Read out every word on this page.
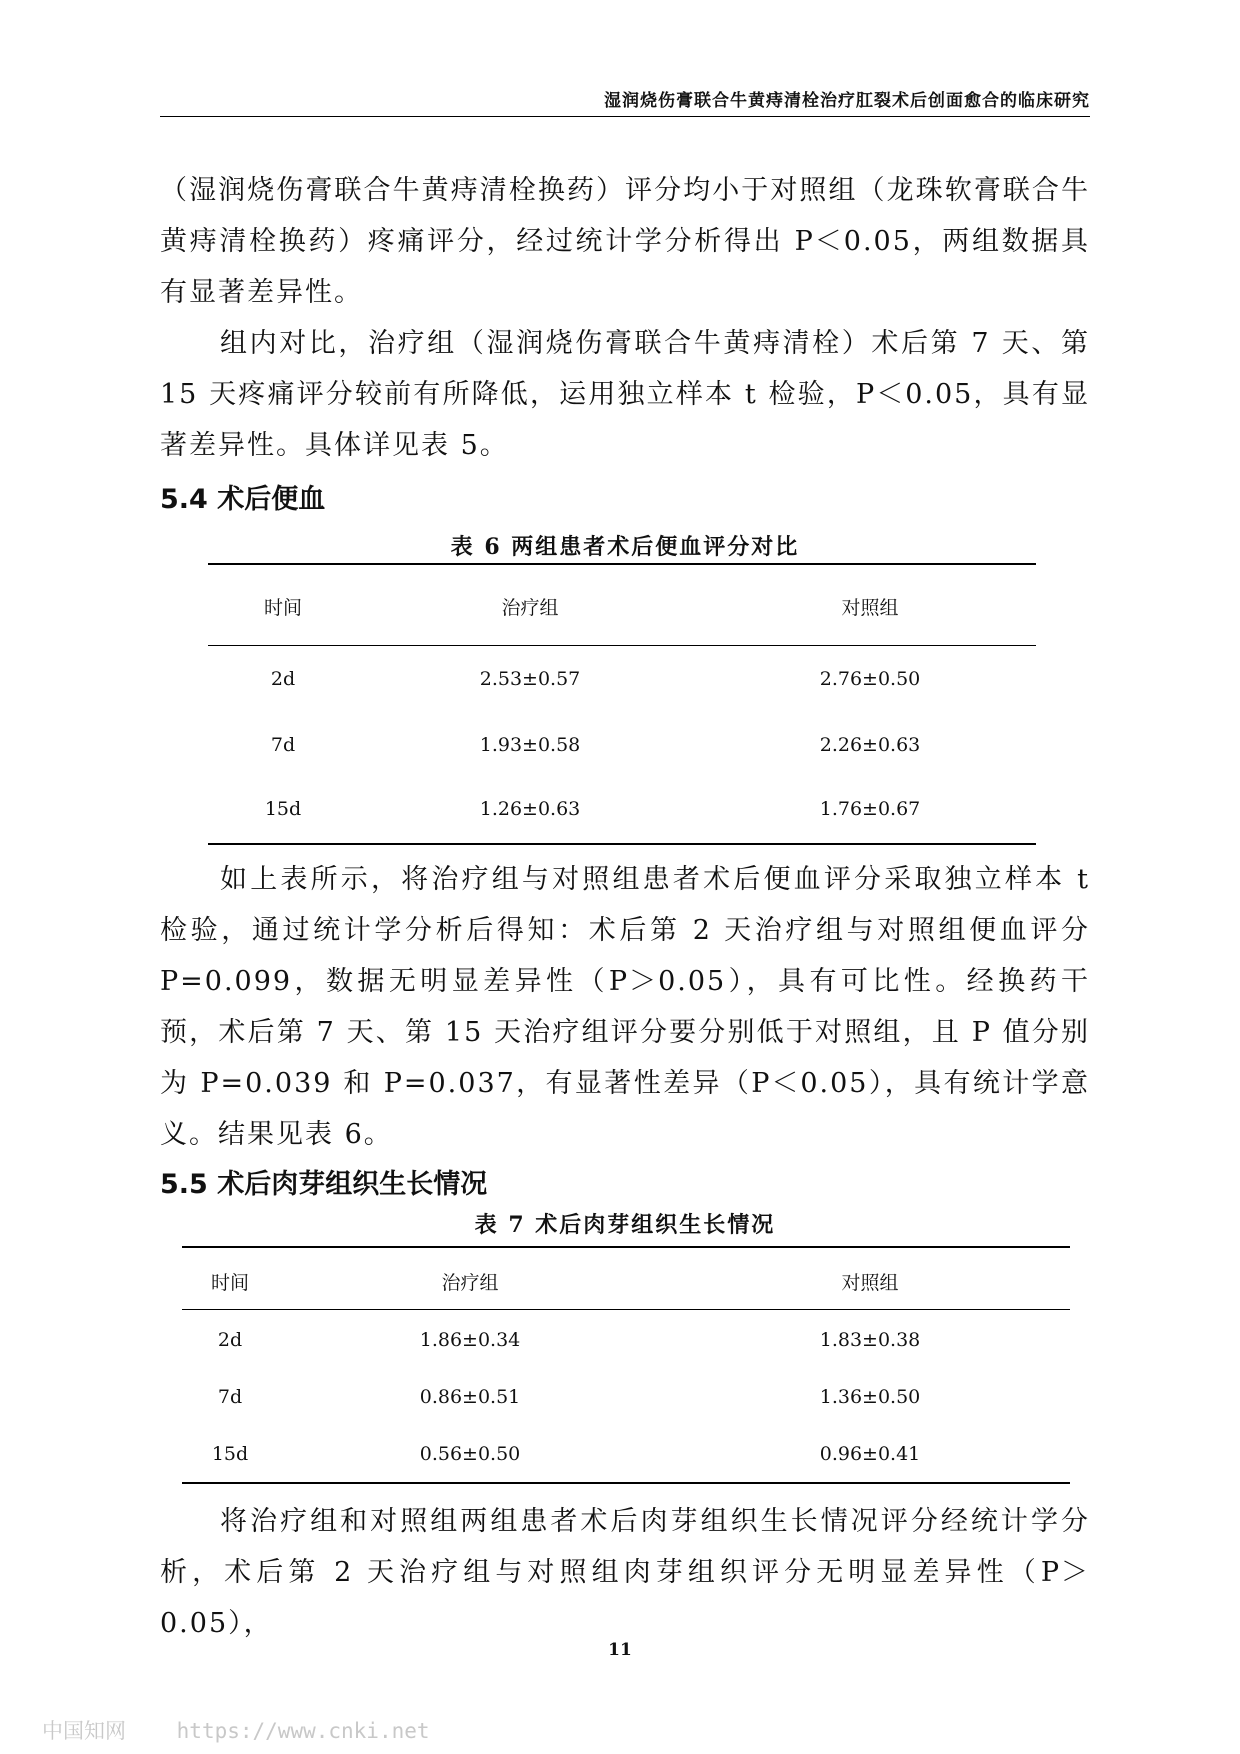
湿润烧伤膏联合牛黄痔清栓治疗肛裂术后创面愈合的临床研究

（湿润烧伤膏联合牛黄痔清栓换药）评分均小于对照组（龙珠软膏联合牛黄痔清栓换药）疼痛评分，经过统计学分析得出 P＜0.05，两组数据具有显著差异性。

组内对比，治疗组（湿润烧伤膏联合牛黄痔清栓）术后第 7 天、第 15 天疼痛评分较前有所降低，运用独立样本 t 检验，P＜0.05，具有显著差异性。具体详见表 5。

5.4 术后便血
表 6 两组患者术后便血评分对比
时间	治疗组	对照组
2d	2.53±0.57	2.76±0.50
7d	1.93±0.58	2.26±0.63
15d	1.26±0.63	1.76±0.67

如上表所示，将治疗组与对照组患者术后便血评分采取独立样本 t 检验，通过统计学分析后得知：术后第 2 天治疗组与对照组便血评分 P=0.099，数据无明显差异性（P＞0.05），具有可比性。经换药干预，术后第 7 天、第 15 天治疗组评分要分别低于对照组，且 P 值分别为 P=0.039 和 P=0.037，有显著性差异（P＜0.05），具有统计学意义。结果见表 6。

5.5 术后肉芽组织生长情况
表 7 术后肉芽组织生长情况
时间	治疗组	对照组
2d	1.86±0.34	1.83±0.38
7d	0.86±0.51	1.36±0.50
15d	0.56±0.50	0.96±0.41

将治疗组和对照组两组患者术后肉芽组织生长情况评分经统计学分析，术后第 2 天治疗组与对照组肉芽组织评分无明显差异性（P＞0.05），

11
中国知网 https://www.cnki.net
